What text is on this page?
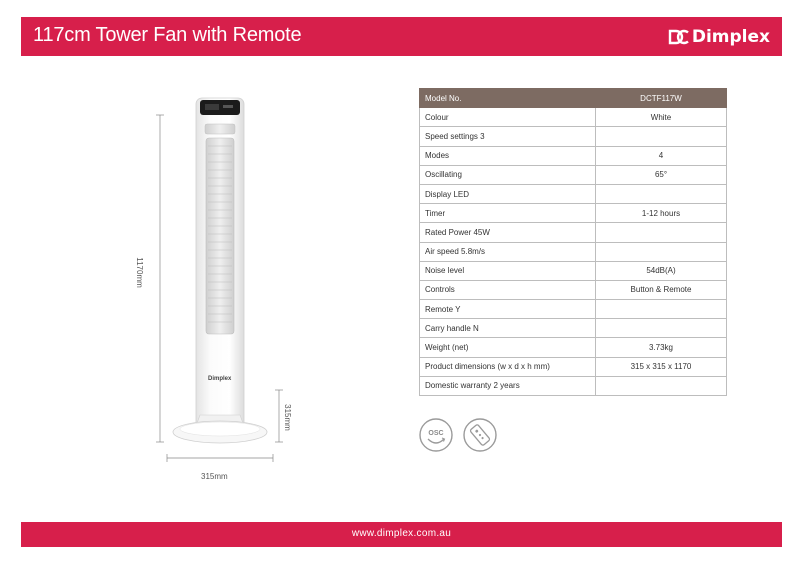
117cm Tower Fan with Remote	Dimplex
Dimplex
1170mm
315mm
315mm
Model No.	DCTF117W
Colour	White
Speed settings 3	
Modes	4
Oscillating	65°
Display LED	
Timer	1-12 hours
Rated Power 45W	
Air speed 5.8m/s	
Noise level	54dB(A)
Controls	Button & Remote
Remote Y	
Carry handle N	
Weight (net)	3.73kg
Product dimensions (w x d x h mm)	315 x 315 x 1170
Domestic warranty 2 years	
OSC
www.dimplex.com.au
